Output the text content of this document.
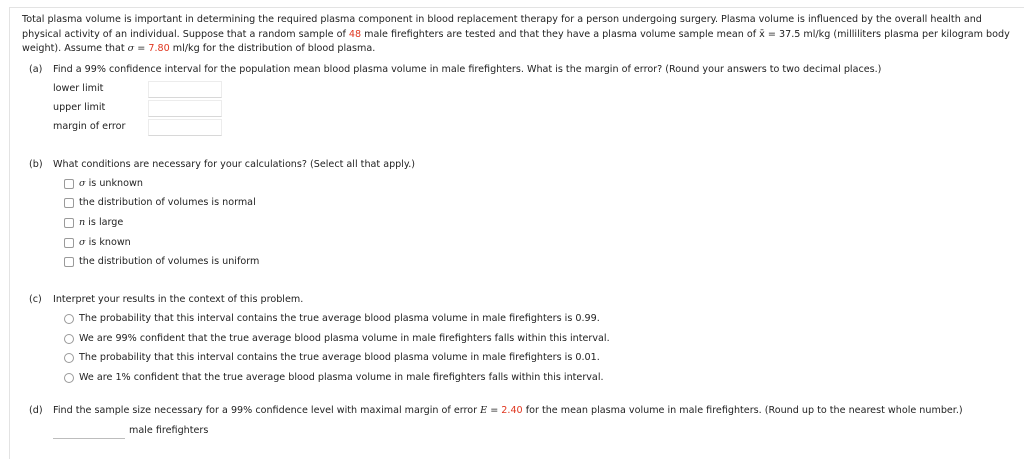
Total plasma volume is important in determining the required plasma component in blood replacement therapy for a person undergoing surgery. Plasma volume is influenced by the overall health and physical activity of an individual. Suppose that a random sample of 48 male firefighters are tested and that they have a plasma volume sample mean of x̄ = 37.5 ml/kg (milliliters plasma per kilogram body weight). Assume that σ = 7.80 ml/kg for the distribution of blood plasma.
(a) Find a 99% confidence interval for the population mean blood plasma volume in male firefighters. What is the margin of error? (Round your answers to two decimal places.)
lower limit
upper limit
margin of error
(b) What conditions are necessary for your calculations? (Select all that apply.)
σ is unknown
the distribution of volumes is normal
n is large
σ is known
the distribution of volumes is uniform
(c) Interpret your results in the context of this problem.
The probability that this interval contains the true average blood plasma volume in male firefighters is 0.99.
We are 99% confident that the true average blood plasma volume in male firefighters falls within this interval.
The probability that this interval contains the true average blood plasma volume in male firefighters is 0.01.
We are 1% confident that the true average blood plasma volume in male firefighters falls within this interval.
(d) Find the sample size necessary for a 99% confidence level with maximal margin of error E = 2.40 for the mean plasma volume in male firefighters. (Round up to the nearest whole number.)
male firefighters
